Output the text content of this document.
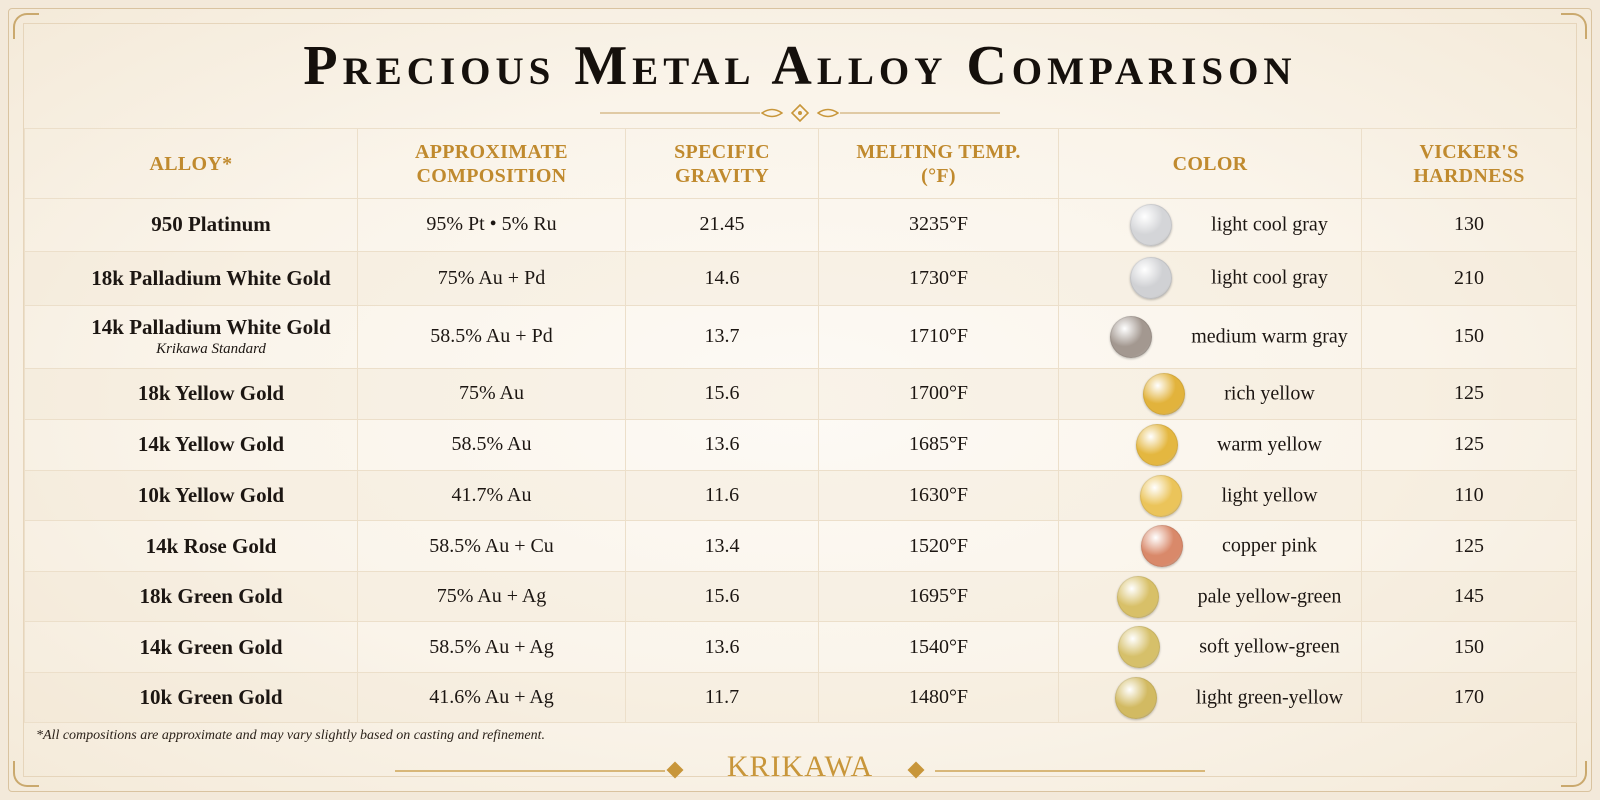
Precious Metal Alloy Comparison
ALLOY*	APPROXIMATE COMPOSITION	SPECIFIC GRAVITY	MELTING TEMP. (°F)	COLOR	VICKER'S HARDNESS

950 Platinum	95% Pt • 5% Ru	21.45	3235°F	light cool gray	130

18k Palladium White Gold	75% Au + Pd	14.6	1730°F	light cool gray	210

14k Palladium White Gold
Krikawa Standard	58.5% Au + Pd	13.7	1710°F	medium warm gray	150

18k Yellow Gold	75% Au	15.6	1700°F	rich yellow	125

14k Yellow Gold	58.5% Au	13.6	1685°F	warm yellow	125

10k Yellow Gold	41.7% Au	11.6	1630°F	light yellow	110

14k Rose Gold	58.5% Au + Cu	13.4	1520°F	copper pink	125

18k Green Gold	75% Au + Ag	15.6	1695°F	pale yellow-green	145

14k Green Gold	58.5% Au + Ag	13.6	1540°F	soft yellow-green	150

10k Green Gold	41.6% Au + Ag	11.7	1480°F	light green-yellow	170
*All compositions are approximate and may vary slightly based on casting and refinement.
KRIKAWA
